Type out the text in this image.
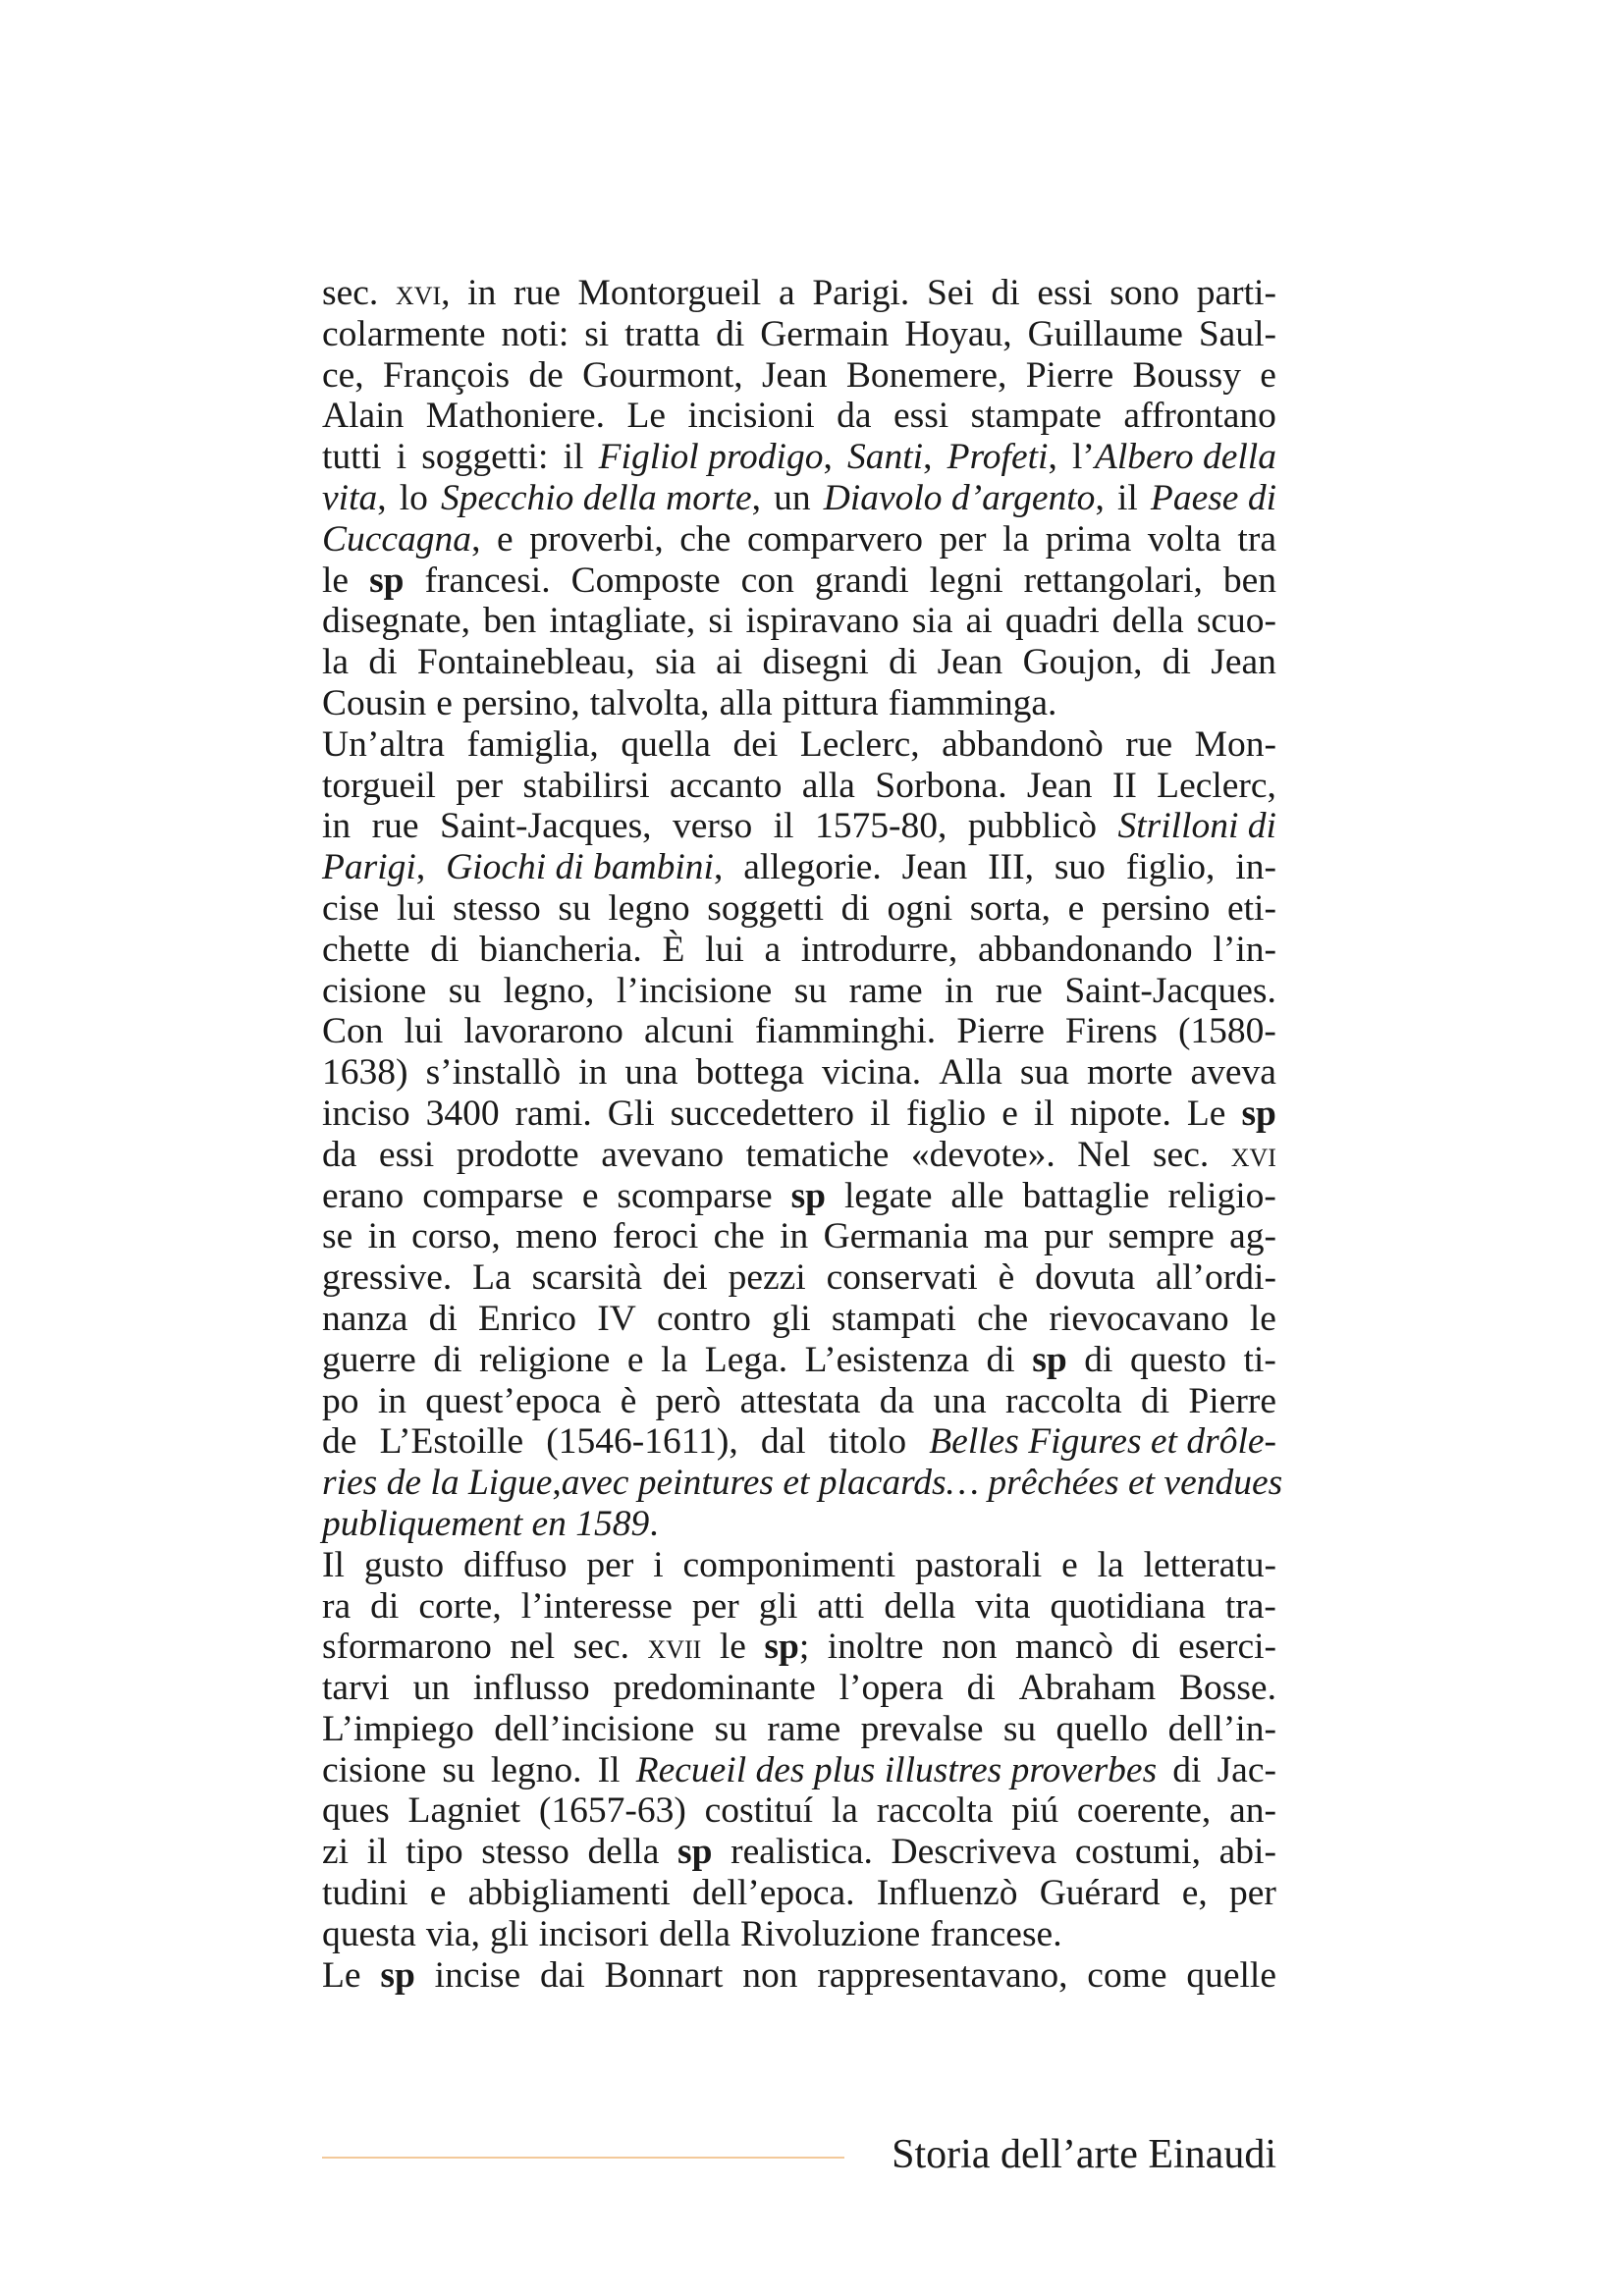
sec. xvi, in rue Montorgueil a Parigi. Sei di essi sono parti-
colarmente noti: si tratta di Germain Hoyau, Guillaume Saul-
ce, François de Gourmont, Jean Bonemere, Pierre Boussy e
Alain Mathoniere. Le incisioni da essi stampate affrontano
tutti i soggetti: il Figliol prodigo, Santi, Profeti, l’Albero della
vita, lo Specchio della morte, un Diavolo d’argento, il Paese di
Cuccagna, e proverbi, che comparvero per la prima volta tra
le sp francesi. Composte con grandi legni rettangolari, ben
disegnate, ben intagliate, si ispiravano sia ai quadri della scuo-
la di Fontainebleau, sia ai disegni di Jean Goujon, di Jean
Cousin e persino, talvolta, alla pittura fiamminga.
Un’altra famiglia, quella dei Leclerc, abbandonò rue Mon-
torgueil per stabilirsi accanto alla Sorbona. Jean II Leclerc,
in rue Saint-Jacques, verso il 1575-80, pubblicò Strilloni di
Parigi, Giochi di bambini, allegorie. Jean III, suo figlio, in-
cise lui stesso su legno soggetti di ogni sorta, e persino eti-
chette di biancheria. È lui a introdurre, abbandonando l’in-
cisione su legno, l’incisione su rame in rue Saint-Jacques.
Con lui lavorarono alcuni fiamminghi. Pierre Firens (1580-
1638) s’installò in una bottega vicina. Alla sua morte aveva
inciso 3400 rami. Gli succedettero il figlio e il nipote. Le sp
da essi prodotte avevano tematiche «devote». Nel sec. xvi
erano comparse e scomparse sp legate alle battaglie religio-
se in corso, meno feroci che in Germania ma pur sempre ag-
gressive. La scarsità dei pezzi conservati è dovuta all’ordi-
nanza di Enrico IV contro gli stampati che rievocavano le
guerre di religione e la Lega. L’esistenza di sp di questo ti-
po in quest’epoca è però attestata da una raccolta di Pierre
de L’Estoille (1546-1611), dal titolo Belles Figures et drôle-
ries de la Ligue, avec peintures et placards… prêchées et vendues
publiquement en 1589.
Il gusto diffuso per i componimenti pastorali e la letteratu-
ra di corte, l’interesse per gli atti della vita quotidiana tra-
sformarono nel sec. xvii le sp; inoltre non mancò di eserci-
tarvi un influsso predominante l’opera di Abraham Bosse.
L’impiego dell’incisione su rame prevalse su quello dell’in-
cisione su legno. Il Recueil des plus illustres proverbes di Jac-
ques Lagniet (1657-63) costituí la raccolta piú coerente, an-
zi il tipo stesso della sp realistica. Descriveva costumi, abi-
tudini e abbigliamenti dell’epoca. Influenzò Guérard e, per
questa via, gli incisori della Rivoluzione francese.
Le sp incise dai Bonnart non rappresentavano, come quelle
Storia dell’arte Einaudi
